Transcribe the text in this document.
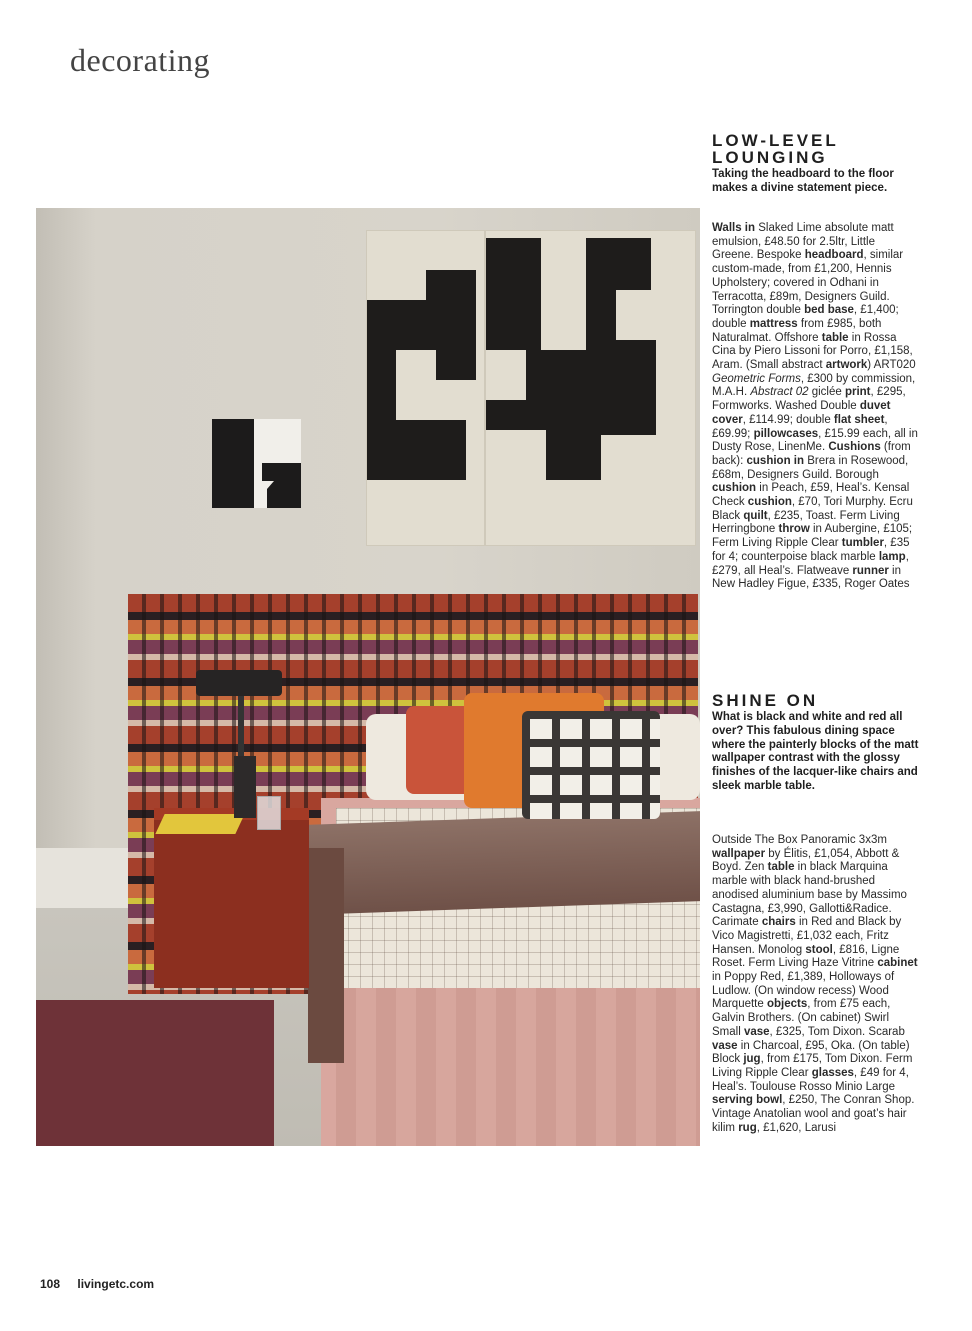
decorating
LOW-LEVEL
LOUNGING

Taking the headboard to the floor makes a divine statement piece.

Walls in Slaked Lime absolute matt emulsion, £48.50 for 2.5ltr, Little Greene. Bespoke headboard, similar custom-made, from £1,200, Hennis Upholstery; covered in Odhani in Terracotta, £89m, Designers Guild. Torrington double bed base, £1,400; double mattress from £985, both Naturalmat. Offshore table in Rossa Cina by Piero Lissoni for Porro, £1,158, Aram. (Small abstract artwork) ART020 Geometric Forms, £300 by commission, M.A.H. Abstract 02 giclée print, £295, Formworks. Washed Double duvet cover, £114.99; double flat sheet, £69.99; pillowcases, £15.99 each, all in Dusty Rose, LinenMe. Cushions (from back): cushion in Brera in Rosewood, £68m, Designers Guild. Borough cushion in Peach, £59, Heal’s. Kensal Check cushion, £70, Tori Murphy. Ecru Black quilt, £235, Toast. Ferm Living Herringbone throw in Aubergine, £105; Ferm Living Ripple Clear tumbler, £35 for 4; counterpoise black marble lamp, £279, all Heal’s. Flatweave runner in New Hadley Figue, £335, Roger Oates

SHINE ON

What is black and white and red all over? This fabulous dining space where the painterly blocks of the matt wallpaper contrast with the glossy finishes of the lacquer-like chairs and sleek marble table.

Outside The Box Panoramic 3x3m wallpaper by Élitis, £1,054, Abbott & Boyd. Zen table in black Marquina marble with black hand-brushed anodised aluminium base by Massimo Castagna, £3,990, Gallotti&Radice. Carimate chairs in Red and Black by Vico Magistretti, £1,032 each, Fritz Hansen. Monolog stool, £816, Ligne Roset. Ferm Living Haze Vitrine cabinet in Poppy Red, £1,389, Holloways of Ludlow. (On window recess) Wood Marquette objects, from £75 each, Galvin Brothers. (On cabinet) Swirl Small vase, £325, Tom Dixon. Scarab vase in Charcoal, £95, Oka. (On table) Block jug, from £175, Tom Dixon. Ferm Living Ripple Clear glasses, £49 for 4, Heal’s. Toulouse Rosso Minio Large serving bowl, £250, The Conran Shop. Vintage Anatolian wool and goat’s hair kilim rug, £1,620, Larusi

108 livingetc.com
